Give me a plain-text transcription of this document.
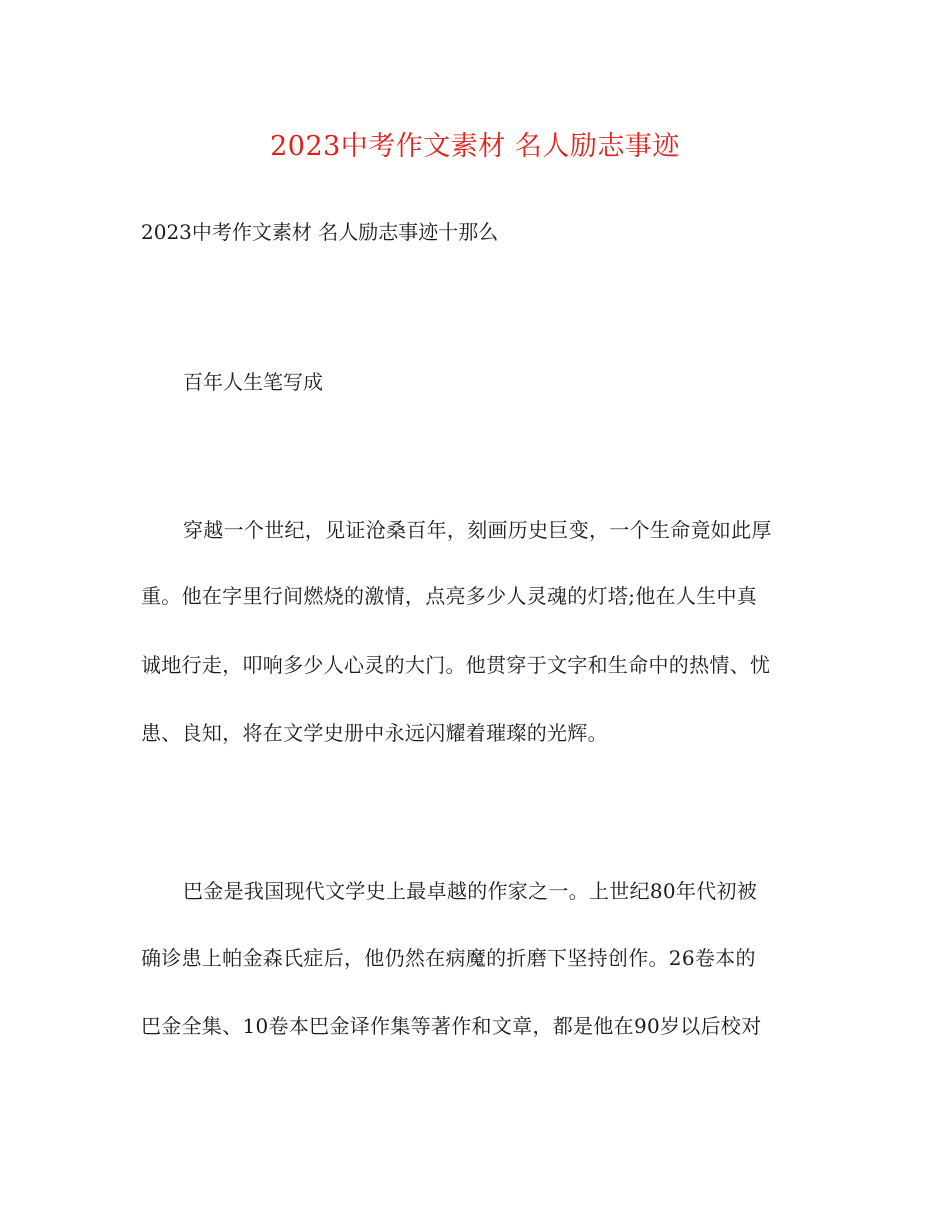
2023中考作文素材 名人励志事迹
2023中考作文素材 名人励志事迹十那么
百年人生笔写成
穿越一个世纪，见证沧桑百年，刻画历史巨变，一个生命竟如此厚
重。他在字里行间燃烧的激情，点亮多少人灵魂的灯塔;他在人生中真
诚地行走，叩响多少人心灵的大门。他贯穿于文字和生命中的热情、忧
患、良知，将在文学史册中永远闪耀着璀璨的光辉。
巴金是我国现代文学史上最卓越的作家之一。上世纪80年代初被
确诊患上帕金森氏症后，他仍然在病魔的折磨下坚持创作。26卷本的
巴金全集、10卷本巴金译作集等著作和文章，都是他在90岁以后校对
